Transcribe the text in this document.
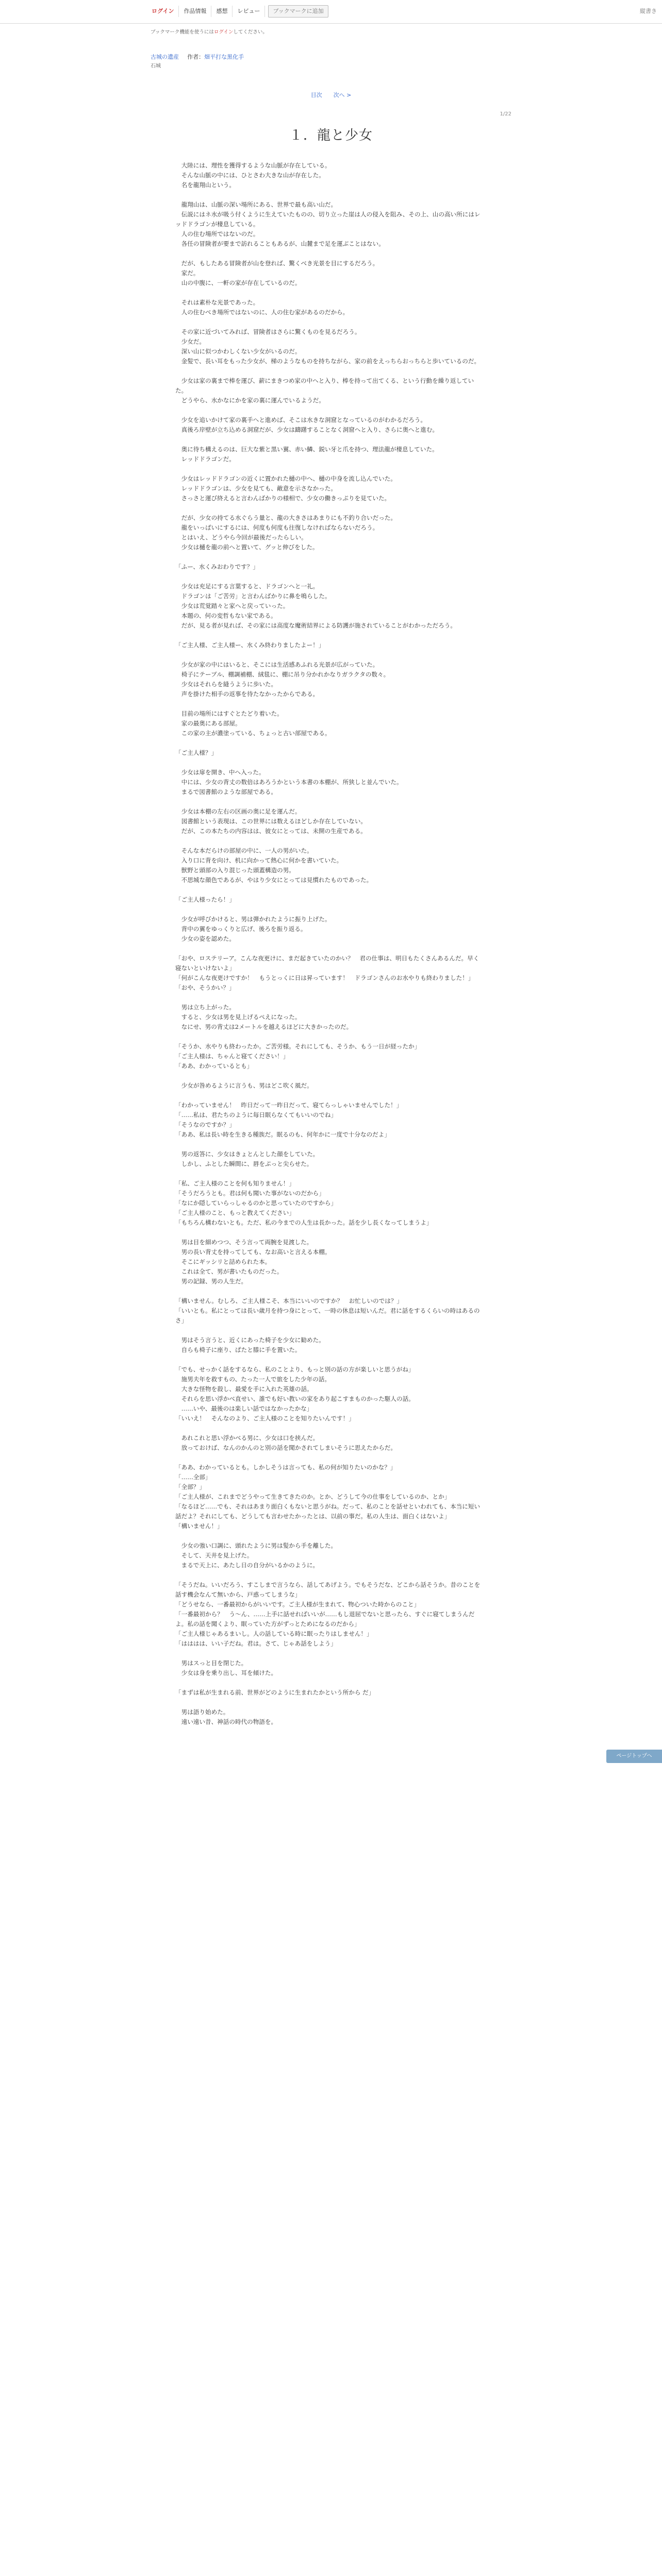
ログイン	作品情報	感想	レビュー	ブックマークに追加	縦書き
ブックマーク機能を使うにはログインしてください。
古城の遺産 　 作者：畑平打な黒化手
石城
目次 次へ >
1/22
１．龍と少女

　大陸には、理性を獲得するような山脈が存在している。

　そんな山脈の中には、ひとさわ大きな山が存在した。

　名を龍翔山という。

　龍翔山は、山脈の深い場所にある、世界で最も高い山だ。

　伝説にはネ水が吸う付くように生えていたものの、切り立った崖は人の侵入を阻み、その上、山の高い所にはレッドドラゴンが棲息している。

　人の住む場所ではないのだ。

　各任の冒険者が要まで訪れることもあるが、山麓まで足を運ぶことはない。

　だが、もしたある冒険者が山を登れば、驚くべき光景を目にするだろう。

　家だ。

　山の中腹に、一軒の家が存在しているのだ。

　それは素朴な光景であった。

　人の住むべき場所ではないのに、人の住む家があるのだから。

　その家に近づいてみれば、冒険者はさらに驚くものを見るだろう。

　少女だ。

　深い山に似つかわしくない少女がいるのだ。

　金髪で、長い耳をもった少女が、梯のようなものを持ちながら、家の前をえっちらおっちらと歩いているのだ。

　少女は家の裏まで棒を運び、薪にまきつめ家の中へと入り、棒を持って出てくる、という行動を繰り返していた。

　どうやら、水かなにかを家の裏に運んでいるようだ。

　少女を追いかけて家の裏手へと進めば、そこは水きな洞窟となっているのがわかるだろう。

　真後ろ岸壁が立ち込める洞窟だが、少女は躊躇することなく洞窟へと入り、さらに奥へと進む。

　奥に待ち構えるのは、巨大な紫と黒い翼、赤い鱗、鋭い牙と爪を持つ、理法龍が棲息していた。

　レッドドラゴンだ。

　少女はレッドドラゴンの近くに置かれた樋の中へ、樋の中身を流し込んでいた。

　レッドドラゴンは、少女を見ても、敵意を示さなかった。

　さっさと運び終えると言わんばかりの様相で、少女の働きっぷりを見ていた。

　だが、少女の持てる水ぐらう量と、龍の大きさはあまりにも不釣り合いだった。

　龍をいっぱいにするには、何度も何度も往復しなければならないだろう。

　とはいえ、どうやら今回が最後だったらしい。

　少女は樋を龍の前へと置いて、グッと伸びをした。

「ふー、水くみおわりです？」

　少女は充足にする言葉すると、ドラゴンへと一礼。

　ドラゴンは「ご苦労」と言わんばかりに鼻を鳴らした。

　少女は荒覚踏々と家へと戻っていった。

　本題の、何の変哲もない家である。

　だが、見る者が見れば、その家には高度な魔術結界による防護が施されていることがわかっただろう。

「ご主人様、ご主人様ー、水くみ終わりましたよー！」

　少女が家の中にはいると、そこには生活感あふれる光景が広がっていた。

　椅子にテーブル、棚調補棚、絨毯に、棚に吊り分かれかなりガラクタの数々。

　少女はそれらを縫うように歩いた。

　声を掛けた相手の返事を待たなかったからである。

　目前の場所にはすぐとたどり着いた。

　家の最奥にある部屋。

　この家の主が濃塗っている、ちょっと古い部屋である。

「ご主人様？」

　少女は扉を開き、中へ入った。

　中には、少女の背丈の数倍はあろうかという本書の本棚が、所狭しと並んでいた。

　まるで図書館のような部屋である。

　少女は本棚の左右の区画の奥に足を運んだ。

　図書館という表現は、この世界には数えるほどしか存在していない。

　だが、この本たちの内容はは、彼女にとっては、未開の生産である。

　そんな本だらけの部屋の中に、一人の男がいた。

　入り口に背を向け、机に向かって熱心に何かを書いていた。

　獣野と頭部の入り混じった頭蓋構造の男。

　不思城な顔色であるが、やはり少女にとっては見慣れたものであった。

「ご主人様ったら！」

　少女が呼びかけると、男は弾かれたように振り上げた。

　背中の翼をゆっくりと広げ、後ろを振り返る。

　少女の姿を認めた。

「おや、ロステリーア。こんな夜更けに、まだ起きていたのかい？　君の仕事は、明日もたくさんあるんだ。早く寝ないといけないよ」

「何がこんな夜更けですか！　もうとっくに日は昇っています！　ドラゴンさんのお水やりも終わりました！」

「おや、そうかい？」

　男は立ち上がった。

　すると、少女は男を見上げるぺえになった。

　なにせ、男の背丈は2メートルを越えるほどに大きかったのだ。

「そうか、水やりも終わったか。ご苦労様。それにしても、そうか、もう一日が経ったか」

「ご主人様は、ちゃんと寝てください！」

「ああ、わかっているとも」

　少女が咎めるように言うも、男はどこ吹く風だ。

「わかっていません！　昨日だって一昨日だって、寝てらっしゃいませんでした！」

「……私は、君たちのように毎日眠らなくてもいいのでね」

「そうなのですか？」

「ああ、私は長い時を生きる種族だ。眠るのも、何年かに一度で十分なのだよ」

　男の返答に、少女はきょとんとした顔をしていた。

　しかし、ふとした瞬間に、唇をぷっと尖らせた。

「私、ご主人様のことを何も知りません！」

「そうだろうとも。君は何も聞いた事がないのだから」

「なにか隠していらっしゃるのかと思っていたのですから」

「ご主人様のこと、もっと教えてください」

「もちろん構わないとも。ただ、私の今までの人生は長かった。話を少し長くなってしまうよ」

　男は目を細めつつ、そう言って両腕を見渡した。

　男の長い背丈を持ってしても、なお高いと言える本棚。

　そこにギッシリと詰められた本。

　これは全て、男が書いたものだった。

　男の記録、男の人生だ。

「構いません。むしろ、ご主人様こそ、本当にいいのですか？　お忙しいのでは？」

「いいとも。私にとっては長い歳月を持つ身にとって、一時の休息は短いんだ。君に話をするくらいの時はあるのさ」

　男はそう言うと、近くにあった椅子を少女に勧めた。

　自らも椅子に座り、ぱたと膝に手を置いた。

「でも、せっかく話をするなら、私のことより、もっと別の話の方が楽しいと思うがね」

　施男夫年を救すもの、たった一人で旅をした少年の話。

　大きな怪物を殺し、最愛を手に入れた英雄の話。

　それらを思い浮かべ直せい、誰でも好い教いの家をあり起こすまものかった駆人の話。

　……いや、最後のは楽しい話ではなかったかな」

「いいえ！　そんなのより、ご主人様のことを知りたいんです！」

　あれこれと思い浮かべる男に、少女は口を挟んだ。

　放っておけば、なんのかんのと別の話を聞かされてしまいそうに思えたからだ。

「ああ、わかっているとも。しかしそうは言っても、私の何が知りたいのかな？」

「……全部」

「全部？」

「ご主人様が、これまでどうやって生きてきたのか。とか、どうして今の仕事をしているのか、とか」

「なるほど……でも、それはあまり面白くもないと思うがね。だって、私のことを話せといわれても、本当に短い話だよ？それにしても、どうしても言わせたかったとは、以前の事だ。私の人生は、面白くはないよ」

「構いません！」

　少女の強い口調に、頭れたように男は髪から手を離した。

　そして、天井を見上げた。

　まるで天上に、あたし日の自分がいるかのように。

「そうだね。いいだろう、すこしまで言うなら、話してあげよう。でもそうだな、どこから話そうか。昔のことを話す機会なんて無いから、戸惑ってしまうな」

「どうせなら、一番最初からがいいです。ご主人様が生まれて、物心ついた時からのこと」

「一番最初から？　う～ん、……上手に話せればいいが……もし退屈でないと思ったら、すぐに寝てしまうんだよ。私の話を聞くより、眠っていた方がずっとためになるのだから」

「ご主人様じゃあるまいし。人の話している時に眠ったりはしません！」

「はははは、いい子だね。君は。さて、じゃあ話をしよう」

　男はスっと目を閉じた。

　少女は身を乗り出し、耳を傾けた。

「まずは私が生まれる前、世界がどのように生まれたかという所から だ」

　男は語り始めた。

　遠い遠い昔、神話の時代の物語を。

ページトップへ
